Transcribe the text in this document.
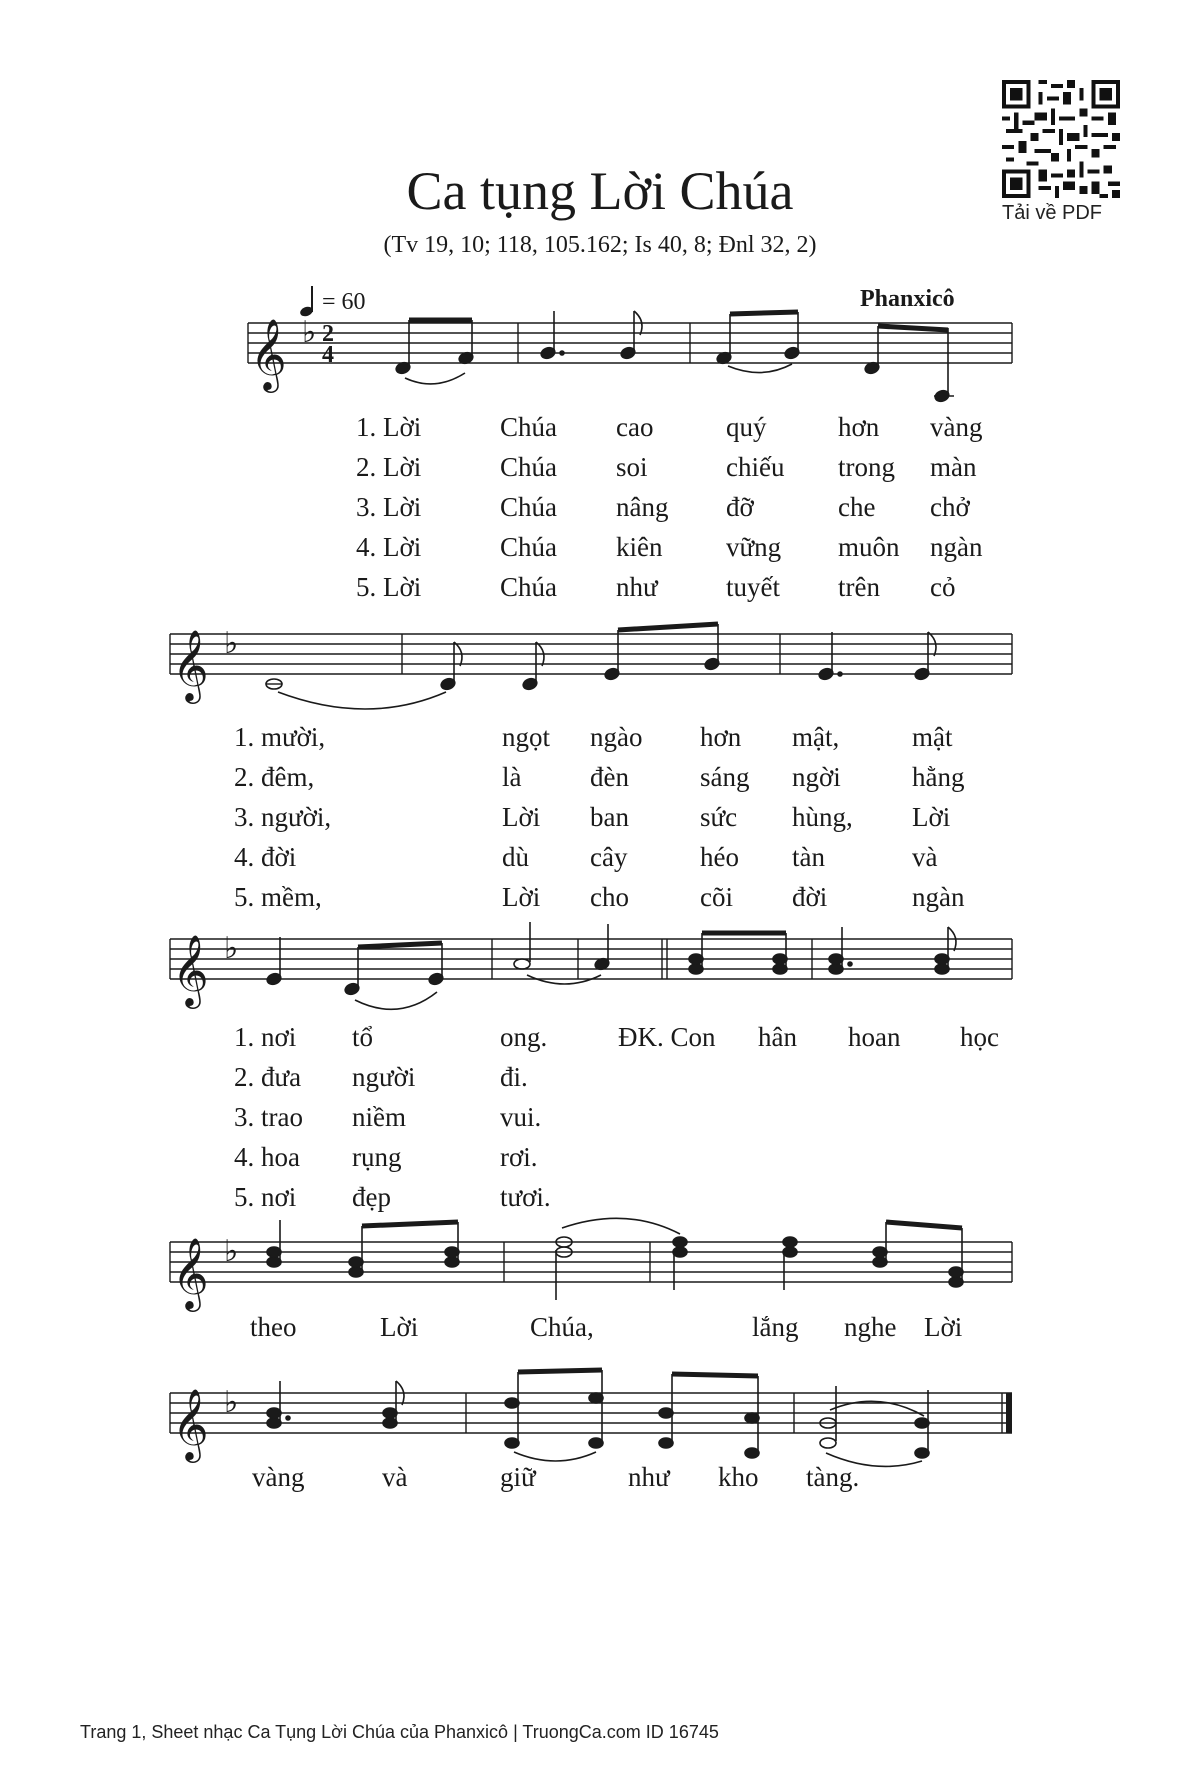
Ca tụng Lời Chúa
(Tv 19, 10; 118, 105.162; Is 40, 8; Đnl 32, 2)
= 60	Phanxicô
Tải về PDF
𝄞
𝄞
𝄞
𝄞
𝄞
♭
♭
♭
♭
♭
2
4
1. Lời	Chúa cao	quý	hơn vàng
2. Lời	Chúa soi	chiếu trong màn
3. Lời	Chúa nâng đỡ	che chở
4. Lời	Chúa kiên vững muôn ngàn
5. Lời	Chúa như	tuyết trên cỏ
1. mười,	ngọt ngào hơn mật,	mật
2. đêm,	là	đèn	sáng ngời	hằng
3. người,	Lời ban	sức hùng, Lời
4. đời	dù cây	héo tàn	và
5. mềm,	Lời cho	cõi đời	ngàn
1. nơi tổ	ong.	ĐK. Con hân hoan học
2. đưa người	đi.
3. trao niềm	vui.
4. hoa rụng	rơi.
5. nơi đẹp	tươi.
theo	Lời	Chúa,	lắng nghe Lời
vàng	và	giữ	như kho tàng.
Trang 1, Sheet nhạc Ca Tụng Lời Chúa của Phanxicô | TruongCa.com ID 16745
